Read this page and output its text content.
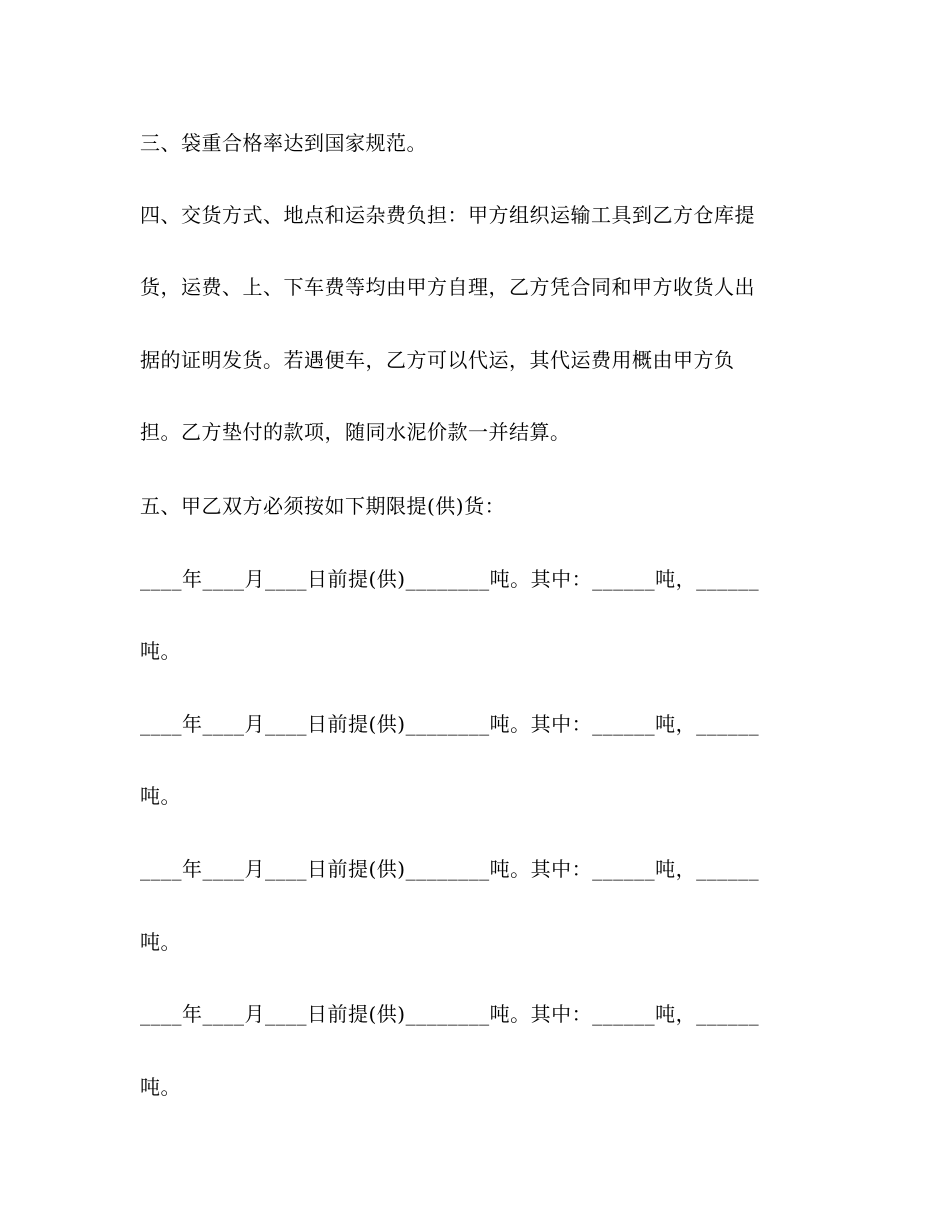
三、袋重合格率达到国家规范。
四、交货方式、地点和运杂费负担：甲方组织运输工具到乙方仓库提
货，运费、上、下车费等均由甲方自理，乙方凭合同和甲方收货人出
据的证明发货。若遇便车，乙方可以代运，其代运费用概由甲方负
担。乙方垫付的款项，随同水泥价款一并结算。
五、甲乙双方必须按如下期限提(供)货：
____年____月____日前提(供)________吨。其中：______吨，______
吨。
____年____月____日前提(供)________吨。其中：______吨，______
吨。
____年____月____日前提(供)________吨。其中：______吨，______
吨。
____年____月____日前提(供)________吨。其中：______吨，______
吨。
